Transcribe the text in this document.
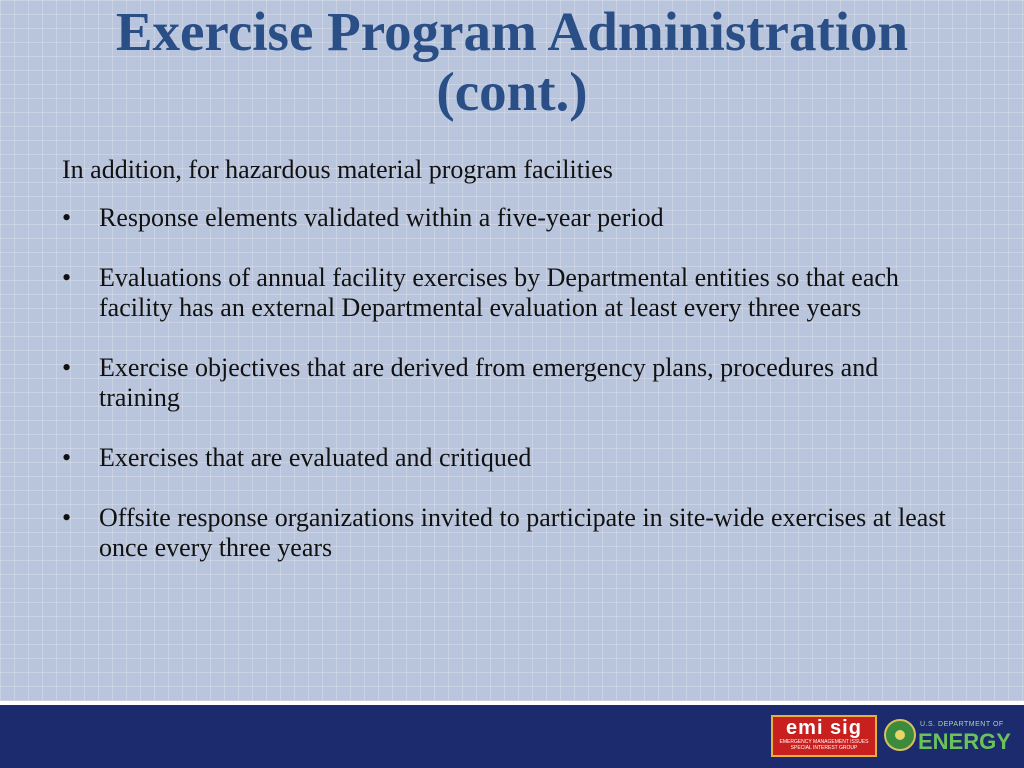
Exercise Program Administration
(cont.)

In addition, for hazardous material program facilities

•	Response elements validated within a five-year period
•	Evaluations of annual facility exercises by Departmental entities so that each facility has an external Departmental evaluation at least every three years
•	Exercise objectives that are derived from emergency plans, procedures and training
•	Exercises that are evaluated and critiqued
•	Offsite response organizations invited to participate in site-wide exercises at least once every three years
emi sig
EMERGENCY MANAGEMENT ISSUES
SPECIAL INTEREST GROUP
U.S. DEPARTMENT OF
ENERGY
